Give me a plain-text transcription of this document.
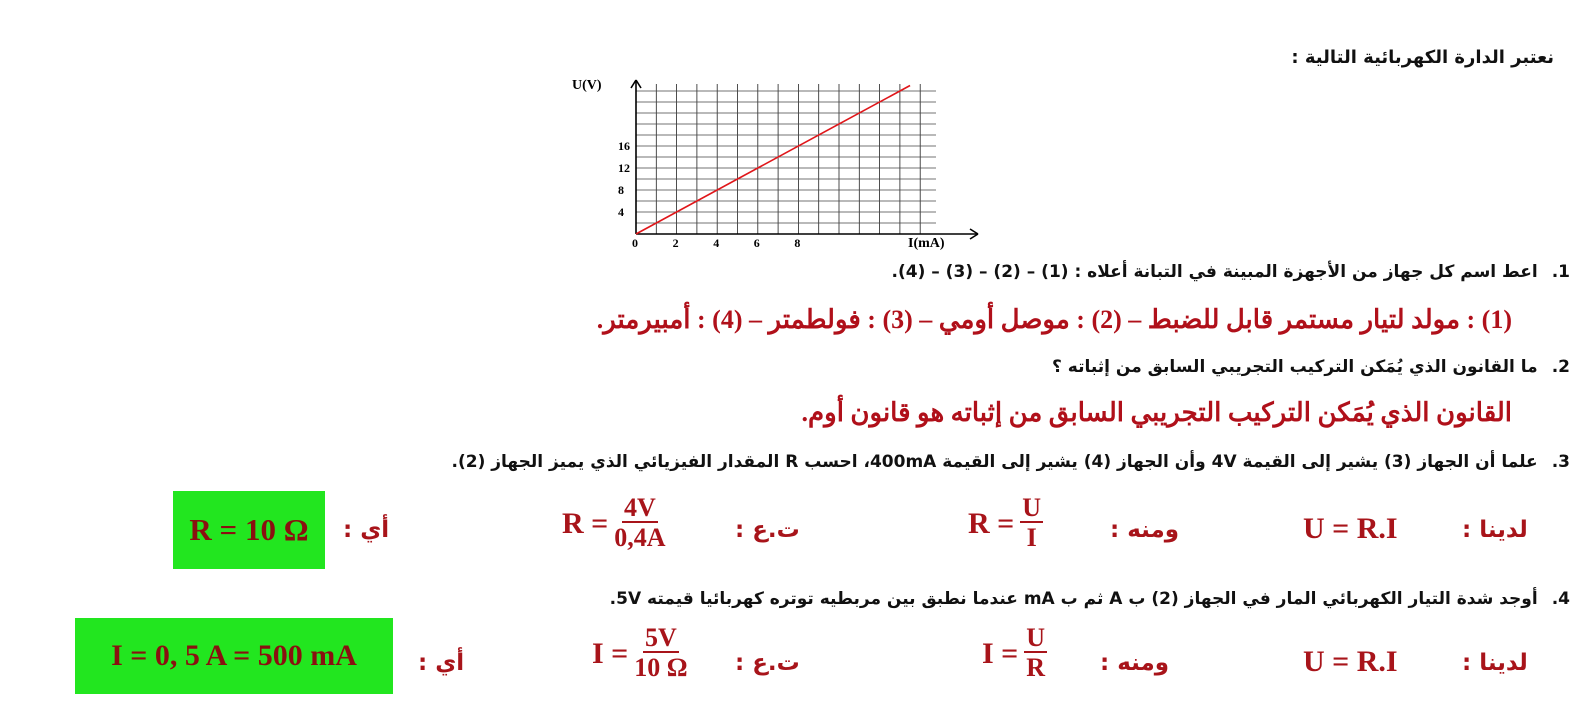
نعتبر الدارة الكهربائية التالية :
0	2	4	6	8
4
8
12
16
U(V)
I(mA)
1.
اعط اسم كل جهاز من الأجهزة المبينة في التبانة أعلاه : (1) – (2) – (3) – (4).
(1) : مولد لتيار مستمر قابل للضبط – (2) : موصل أومي – (3) : فولطمتر – (4) : أمبيرمتر.
2.
ما القانون الذي يُمَكن التركيب التجريبي السابق من إثباته ؟
القانون الذي يُمَكن التركيب التجريبي السابق من إثباته هو قانون أوم.
3.
علما أن الجهاز (3) يشير إلى القيمة 4V وأن الجهاز (4) يشير إلى القيمة 400mA، احسب R المقدار الفيزيائي الذي يميز الجهاز (2).
لدينا :
U = R.I
ومنه :
$R = \frac{U}{I}$
ت.ع :
$R = \frac{4V}{0,4A}$
أي :
R = 10 Ω
4.
أوجد شدة التيار الكهربائي المار في الجهاز (2) ب A ثم ب mA عندما نطبق بين مربطيه توتره كهربائيا قيمته 5V.
لدينا :
U = R.I
ومنه :
$I = \frac{U}{R}$
ت.ع :
$I = \frac{5V}{10 \Omega}$
أي :
I = 0, 5 A = 500 mA
